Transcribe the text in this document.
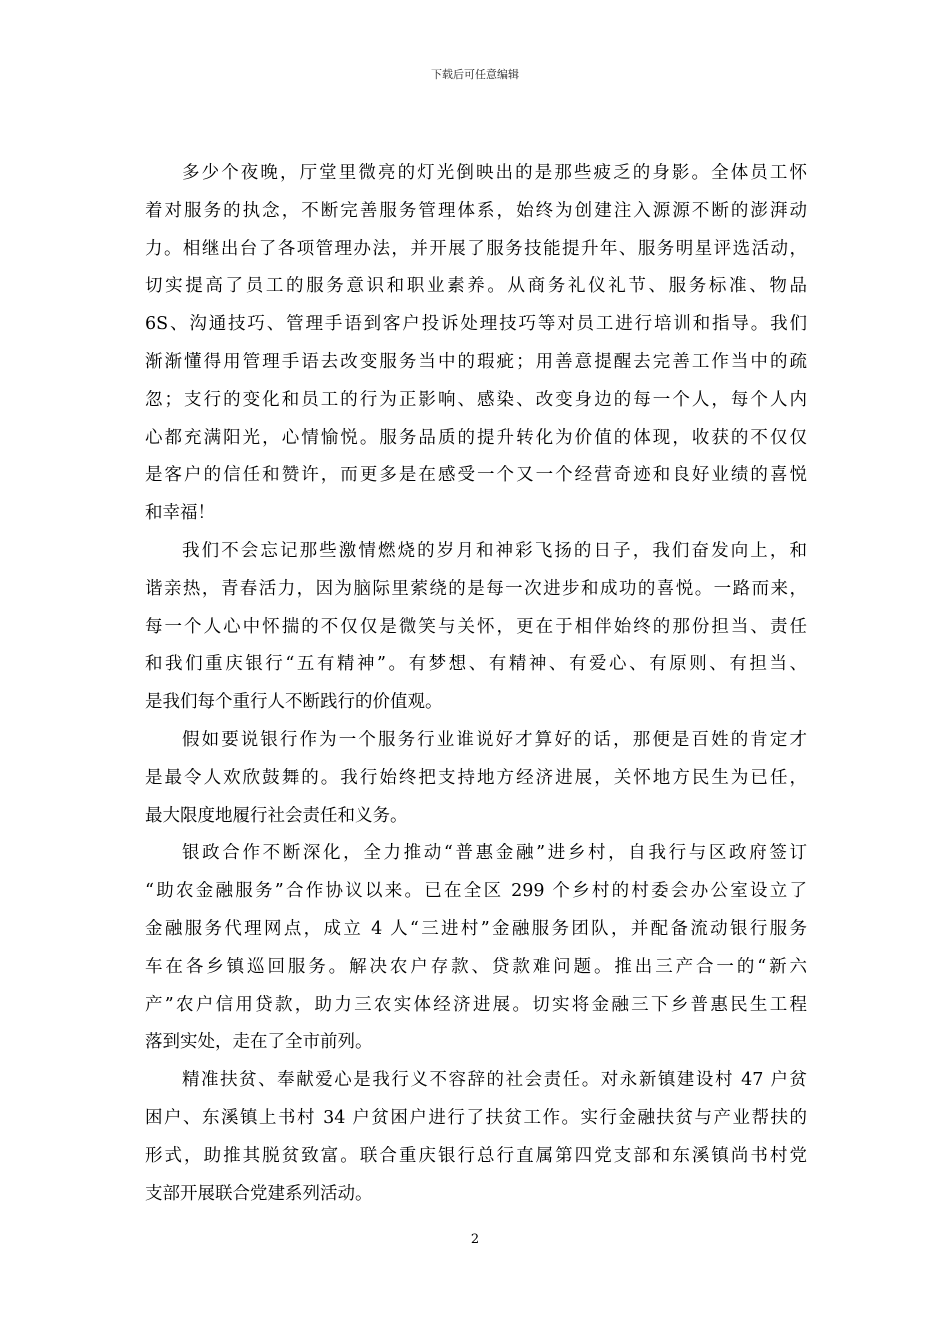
下载后可任意编辑
多少个夜晚，厅堂里微亮的灯光倒映出的是那些疲乏的身影。全体员工怀
着对服务的执念，不断完善服务管理体系，始终为创建注入源源不断的澎湃动
力。相继出台了各项管理办法，并开展了服务技能提升年、服务明星评选活动，
切实提高了员工的服务意识和职业素养。从商务礼仪礼节、服务标准、物品
6S、沟通技巧、管理手语到客户投诉处理技巧等对员工进行培训和指导。我们
渐渐懂得用管理手语去改变服务当中的瑕疵；用善意提醒去完善工作当中的疏
忽；支行的变化和员工的行为正影响、感染、改变身边的每一个人，每个人内
心都充满阳光，心情愉悦。服务品质的提升转化为价值的体现，收获的不仅仅
是客户的信任和赞许，而更多是在感受一个又一个经营奇迹和良好业绩的喜悦
和幸福！
我们不会忘记那些激情燃烧的岁月和神彩飞扬的日子，我们奋发向上，和
谐亲热，青春活力，因为脑际里萦绕的是每一次进步和成功的喜悦。一路而来，
每一个人心中怀揣的不仅仅是微笑与关怀，更在于相伴始终的那份担当、责任
和我们重庆银行“五有精神”。有梦想、有精神、有爱心、有原则、有担当、
是我们每个重行人不断践行的价值观。
假如要说银行作为一个服务行业谁说好才算好的话，那便是百姓的肯定才
是最令人欢欣鼓舞的。我行始终把支持地方经济进展，关怀地方民生为已任，
最大限度地履行社会责任和义务。
银政合作不断深化，全力推动“普惠金融”进乡村，自我行与区政府签订
“助农金融服务”合作协议以来。已在全区 299 个乡村的村委会办公室设立了
金融服务代理网点，成立 4 人“三进村”金融服务团队，并配备流动银行服务
车在各乡镇巡回服务。解决农户存款、贷款难问题。推出三产合一的“新六
产”农户信用贷款，助力三农实体经济进展。切实将金融三下乡普惠民生工程
落到实处，走在了全市前列。
精准扶贫、奉献爱心是我行义不容辞的社会责任。对永新镇建设村 47 户贫
困户、东溪镇上书村 34 户贫困户进行了扶贫工作。实行金融扶贫与产业帮扶的
形式，助推其脱贫致富。联合重庆银行总行直属第四党支部和东溪镇尚书村党
支部开展联合党建系列活动。
2
